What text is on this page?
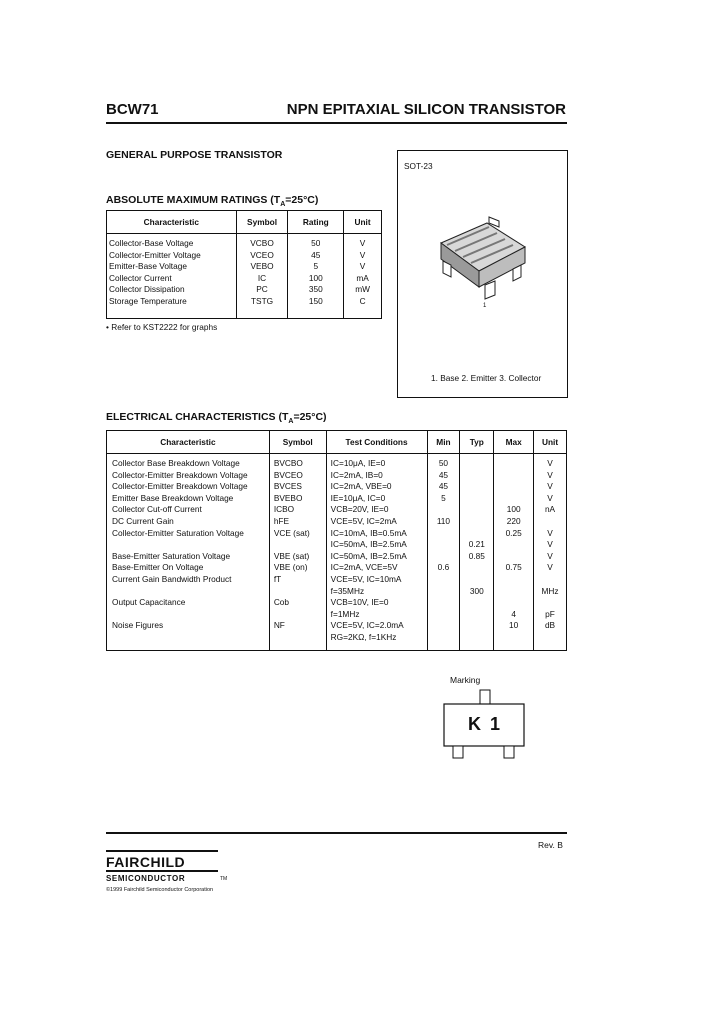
BCW71	NPN EPITAXIAL SILICON TRANSISTOR
GENERAL PURPOSE TRANSISTOR
ABSOLUTE MAXIMUM RATINGS $(T_A=25^\circ C)$
Characteristic	Symbol	Rating	Unit
Collector-Base Voltage	VCBO	50	V
Collector-Emitter Voltage	VCEO	45	V
Emitter-Base Voltage	VEBO	5	V
Collector Current	IC	100	mA
Collector Dissipation	PC	350	mW
Storage Temperature	TSTG	150	C

• Refer to KST2222 for graphs
SOT-23
1
1. Base 2. Emitter 3. Collector
ELECTRICAL CHARACTERISTICS $(T_A=25^\circ C)$
Characteristic	Symbol	Test Conditions	Min	Typ	Max	Unit
Collector Base Breakdown Voltage	BVCBO	IC=10μA, IE=0	50			V
Collector-Emitter Breakdown Voltage	BVCEO	IC=2mA, IB=0	45			V
Collector-Emitter Breakdown Voltage	BVCES	IC=2mA, VBE=0	45			V
Emitter Base Breakdown Voltage	BVEBO	IE=10μA, IC=0	5			V
Collector Cut-off Current	ICBO	VCB=20V, IE=0			100	nA
DC Current Gain	hFE	VCE=5V, IC=2mA	110		220	
Collector-Emitter Saturation Voltage	VCE (sat)	IC=10mA, IB=0.5mA			0.25	V
		IC=50mA, IB=2.5mA		0.21		V
Base-Emitter Saturation Voltage	VBE (sat)	IC=50mA, IB=2.5mA		0.85		V
Base-Emitter On Voltage	VBE (on)	IC=2mA, VCE=5V	0.6		0.75	V
Current Gain Bandwidth Product	fT	VCE=5V, IC=10mA				
		f=35MHz		300		MHz
Output Capacitance	Cob	VCB=10V, IE=0				
		f=1MHz			4	pF
Noise Figures	NF	VCE=5V, IC=2.0mA			10	dB
		RG=2KΩ, f=1KHz				

Marking
K 1
FAIRCHILD
SEMICONDUCTOR	TM
©1999 Fairchild Semiconductor Corporation
Rev. B
